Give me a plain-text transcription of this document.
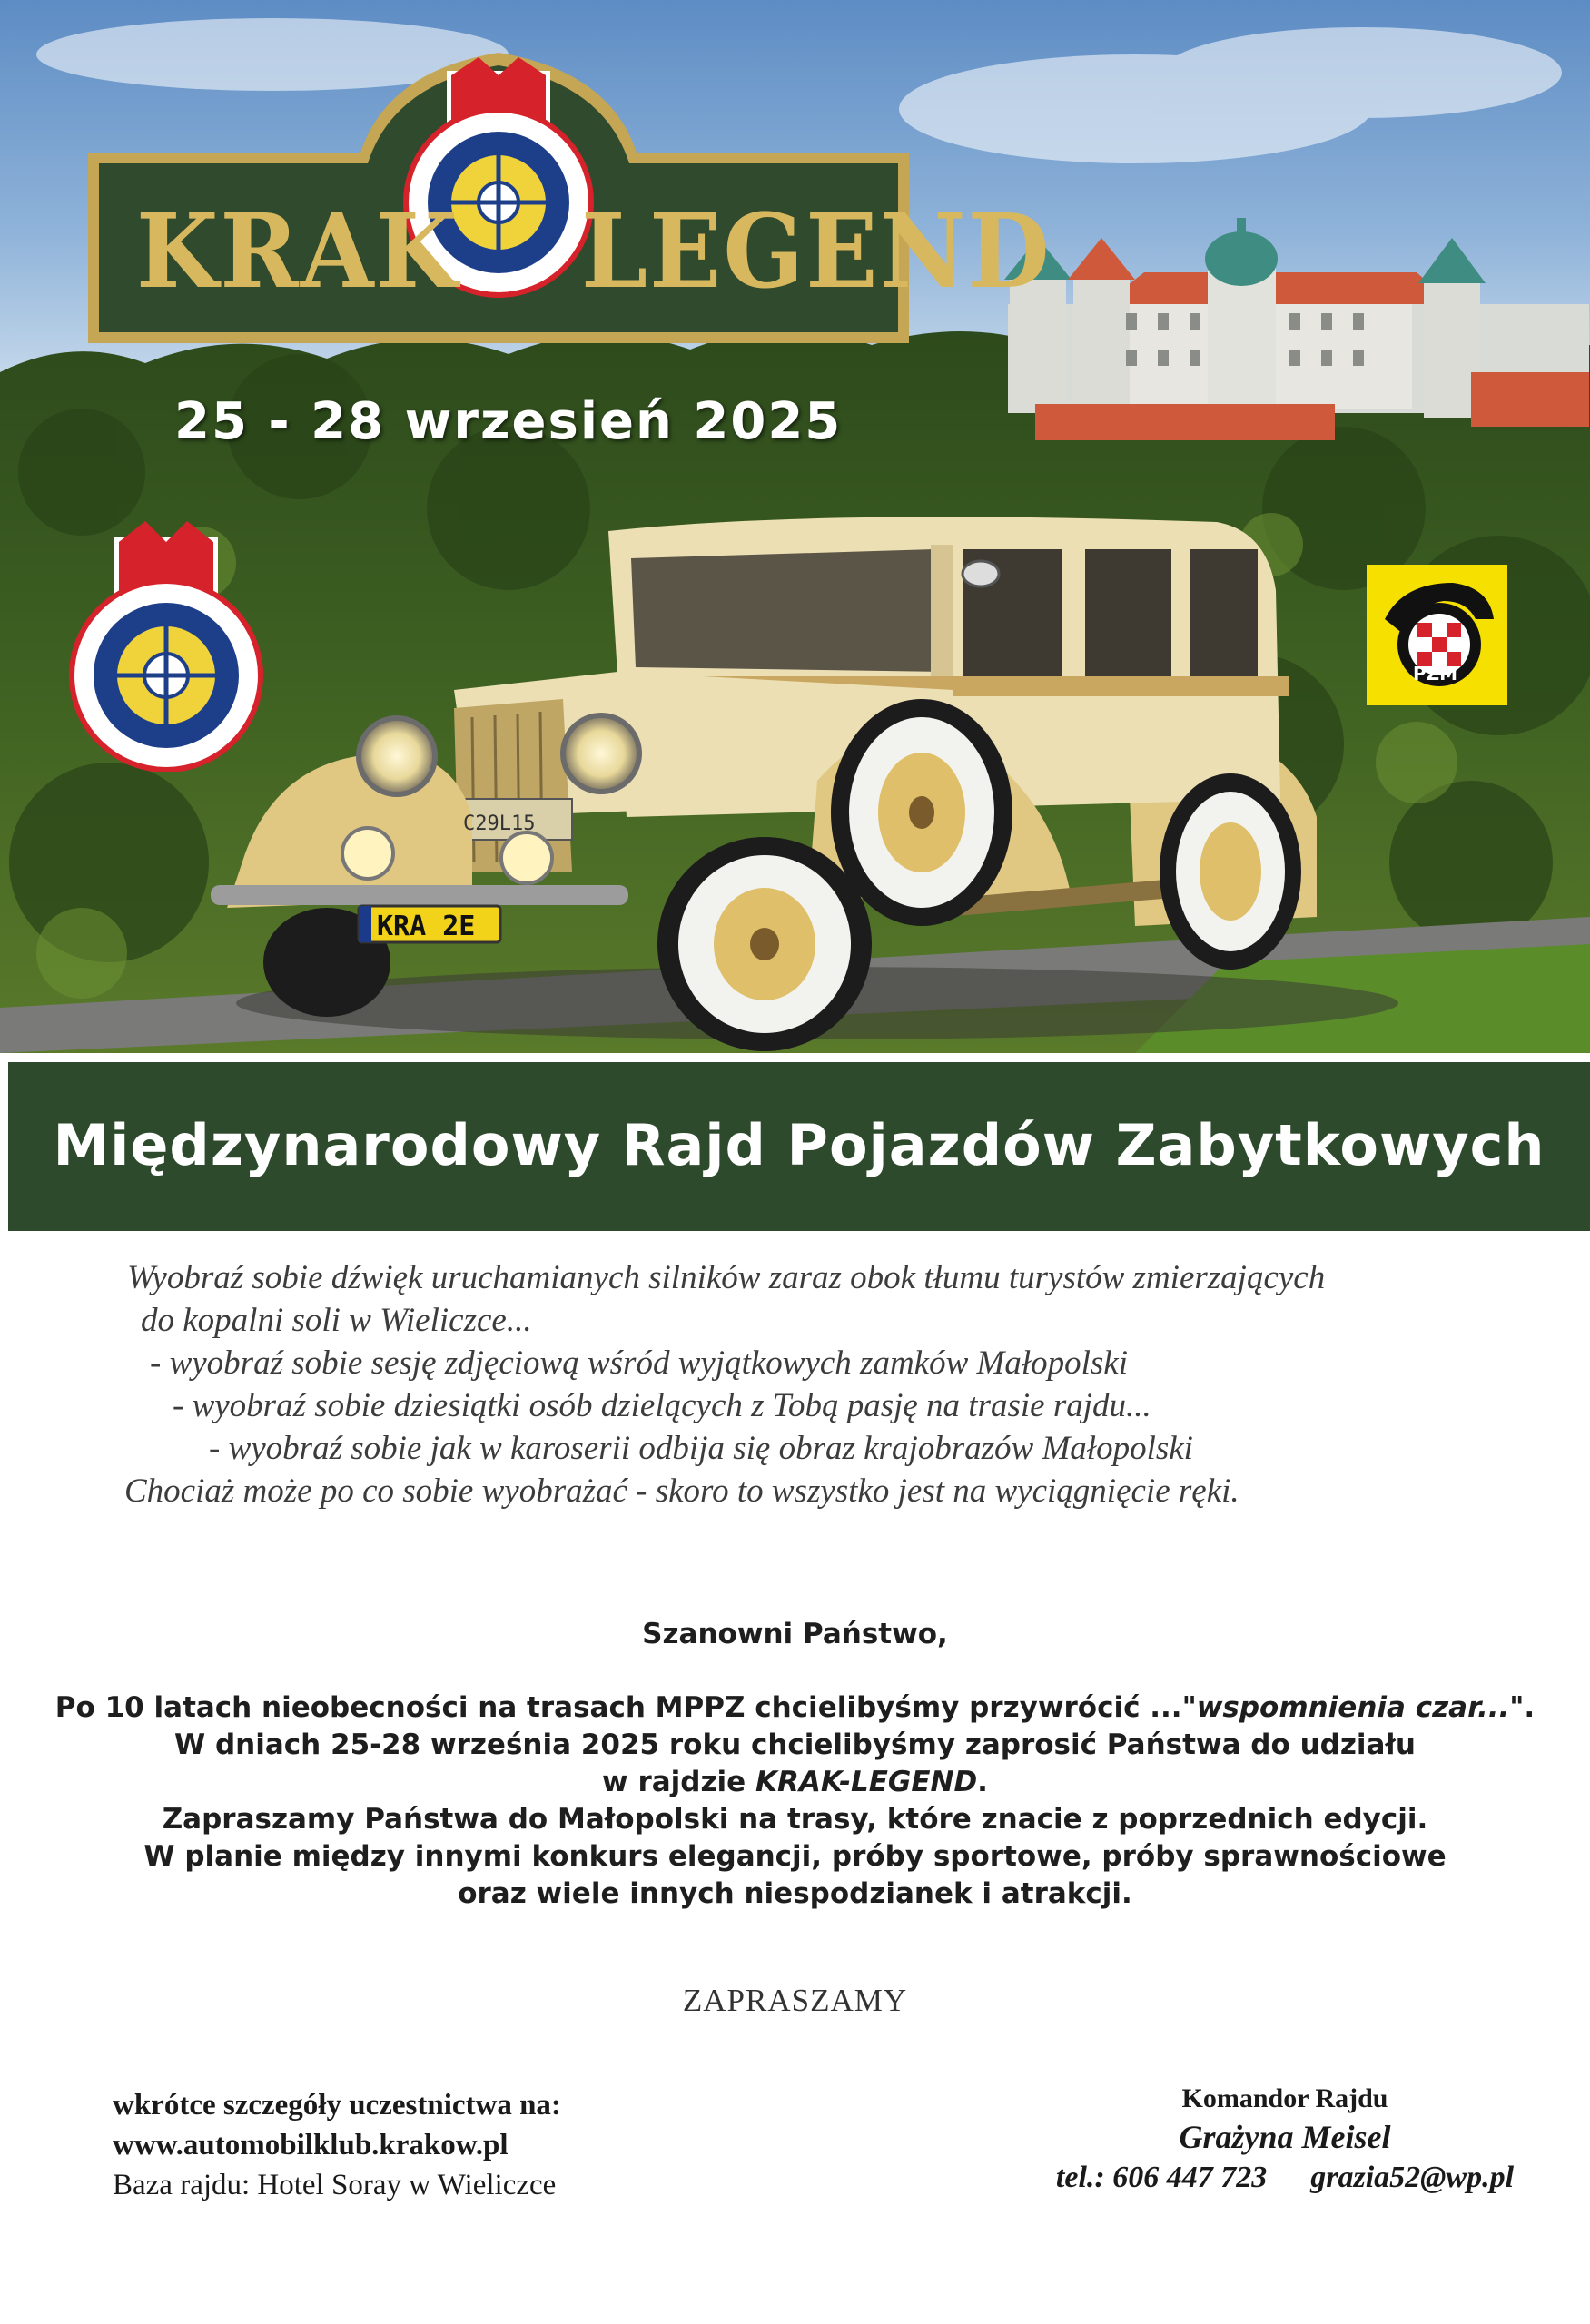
KRA 2E
C29L15
KRAK LEGEND
25 - 28 wrzesień 2025
PZM
Międzynarodowy Rajd Pojazdów Zabytkowych
Wyobraź sobie dźwięk uruchamianych silników zaraz obok tłumu turystów zmierzających
do kopalni soli w Wieliczce...
- wyobraź sobie sesję zdjęciową wśród wyjątkowych zamków Małopolski
- wyobraź sobie dziesiątki osób dzielących z Tobą pasję na trasie rajdu...
- wyobraź sobie jak w karoserii odbija się obraz krajobrazów Małopolski
Chociaż może po co sobie wyobrażać - skoro to wszystko jest na wyciągnięcie ręki.
Szanowni Państwo,
Po 10 latach nieobecności na trasach MPPZ chcielibyśmy przywrócić ..."wspomnienia czar...".
W dniach 25-28 września 2025 roku chcielibyśmy zaprosić Państwa do udziału
w rajdzie KRAK-LEGEND.
Zapraszamy Państwa do Małopolski na trasy, które znacie z poprzednich edycji.
W planie między innymi konkurs elegancji, próby sportowe, próby sprawnościowe
oraz wiele innych niespodzianek i atrakcji.
ZAPRASZAMY
wkrótce szczegóły uczestnictwa na:
www.automobilklub.krakow.pl
Baza rajdu: Hotel Soray w Wieliczce
Komandor Rajdu
Grażyna Meisel
tel.: 606 447 723 grazia52@wp.pl
